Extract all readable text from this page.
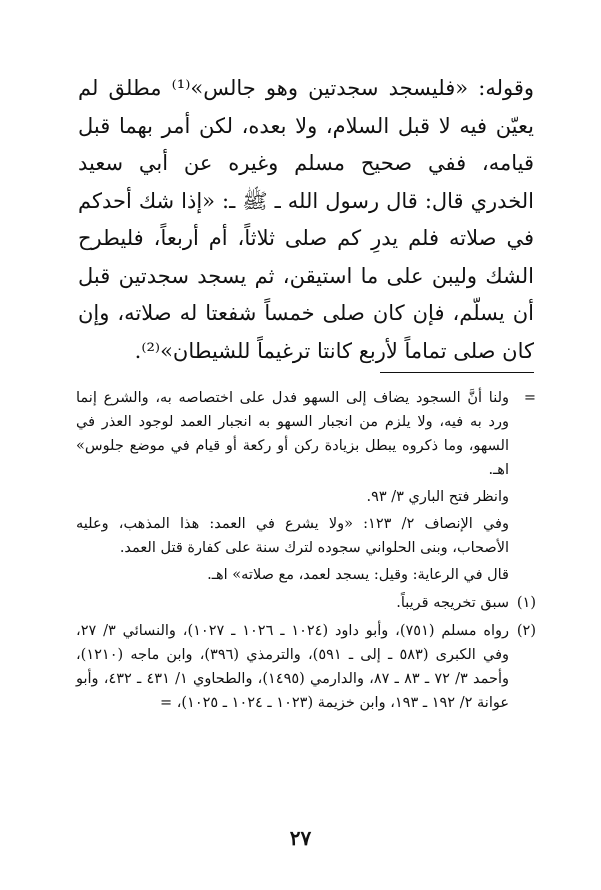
وقوله: «فليسجد سجدتين وهو جالس»⁽¹⁾ مطلق لم يعيّن فيه لا قبل السلام، ولا بعده، لكن أمر بهما قبل قيامه، ففي صحيح مسلم وغيره عن أبي سعيد الخدري قال: قال رسول الله ـ ﷺ ـ: «إذا شك أحدكم في صلاته فلم يدرِ كم صلى ثلاثاً، أم أربعاً، فليطرح الشك وليبن على ما استيقن، ثم يسجد سجدتين قبل أن يسلّم، فإن كان صلى خمساً شفعتا له صلاته، وإن كان صلى تماماً لأربع كانتا ترغيماً للشيطان»⁽²⁾.

=

ولنا أنَّ السجود يضاف إلى السهو فدل على اختصاصه به، والشرع إنما ورد به فيه، ولا يلزم من انجبار السهو به انجبار العمد لوجود العذر في السهو، وما ذكروه يبطل بزيادة ركن أو ركعة أو قيام في موضع جلوس» اهـ.

وانظر فتح الباري ٣/ ٩٣.

وفي الإنصاف ٢/ ١٢٣: «ولا يشرع في العمد: هذا المذهب، وعليه الأصحاب، وبنى الحلواني سجوده لترك سنة على كفارة قتل العمد.

قال في الرعاية: وقيل: يسجد لعمد، مع صلاته» اهـ.

(١)
سبق تخريجه قريباً.
(٢)
رواه مسلم (٧٥١)، وأبو داود (١٠٢٤ ـ ١٠٢٦ ـ ١٠٢٧)، والنسائي ٣/ ٢٧، وفي الكبرى (٥٨٣ ـ إلى ـ ٥٩١)، والترمذي (٣٩٦)، وابن ماجه (١٢١٠)، وأحمد ٣/ ٧٢ ـ ٨٣ ـ ٨٧، والدارمي (١٤٩٥)، والطحاوي ١/ ٤٣١ ـ ٤٣٢، وأبو عوانة ٢/ ١٩٢ ـ ١٩٣، وابن خزيمة (١٠٢٣ ـ ١٠٢٤ ـ ١٠٢٥)، =
٢٧
